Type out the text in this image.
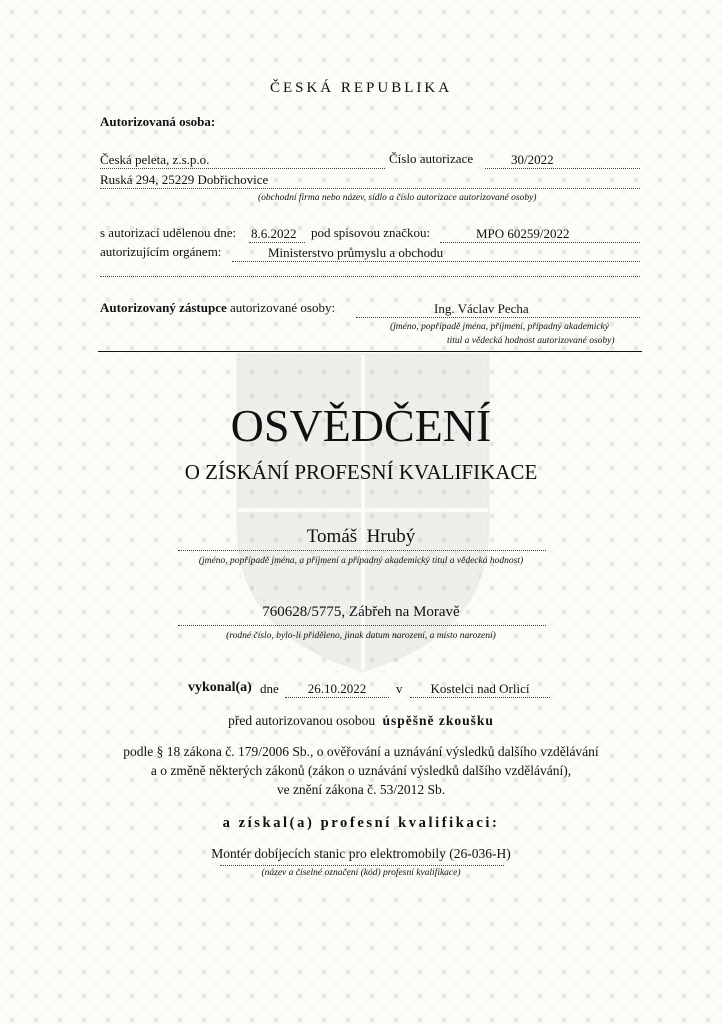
ČESKÁ REPUBLIKA
Autorizovaná osoba:
Česká peleta, z.s.p.o.	Číslo autorizace	30/2022
Ruská 294, 25229 Dobřichovice
(obchodní firma nebo název, sídlo a číslo autorizace autorizované osoby)
s autorizací udělenou dne: 8.6.2022	pod spisovou značkou:	MPO 60259/2022
autorizujícím orgánem:	Ministerstvo průmyslu a obchodu
Autorizovaný zástupce autorizované osoby:	Ing. Václav Pecha
(jméno, popřípadě jména, příjmení, případný akademický
titul a vědecká hodnost autorizované osoby)
OSVĚDČENÍ
O ZÍSKÁNÍ PROFESNÍ KVALIFIKACE
Tomáš  Hrubý
(jméno, popřípadě jména, a příjmení a případný akademický titul a vědecká hodnost)
760628/5775, Zábřeh na Moravě
(rodné číslo, bylo-li přiděleno, jinak datum narození, a místo narození)
vykonal(a) dne	26.10.2022	v	Kostelci nad Orlicí
před autorizovanou osobou úspěšně zkoušku
podle § 18 zákona č. 179/2006 Sb., o ověřování a uznávání výsledků dalšího vzdělávání
a o změně některých zákonů (zákon o uznávání výsledků dalšího vzdělávání),
ve znění zákona č. 53/2012 Sb.
a získal(a) profesní kvalifikaci:
Montér dobíjecích stanic pro elektromobily (26-036-H)
(název a číselné označení (kód) profesní kvalifikace)
